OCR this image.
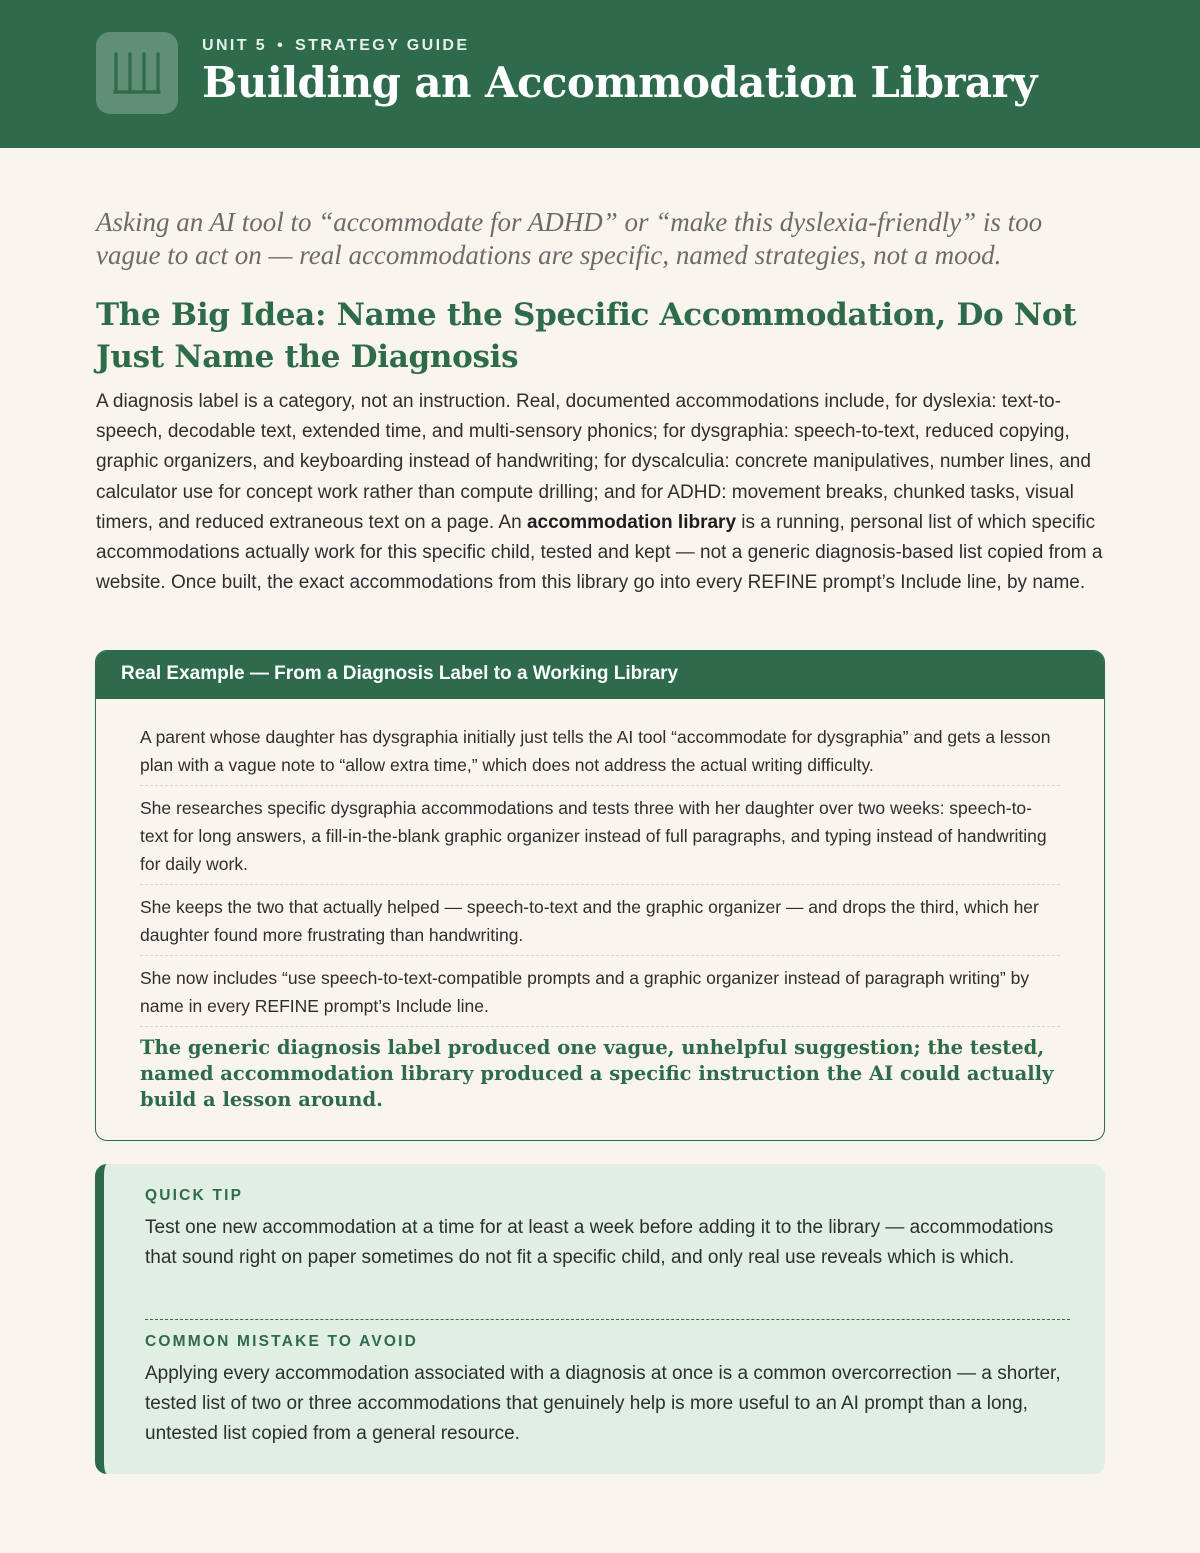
UNIT 5 • STRATEGY GUIDE
Building an Accommodation Library

Asking an AI tool to “accommodate for ADHD” or “make this dyslexia-friendly” is too vague to act on — real accommodations are specific, named strategies, not a mood.

The Big Idea: Name the Specific Accommodation, Do Not Just Name the Diagnosis

A diagnosis label is a category, not an instruction. Real, documented accommodations include, for dyslexia: text-to-speech, decodable text, extended time, and multi-sensory phonics; for dysgraphia: speech-to-text, reduced copying, graphic organizers, and keyboarding instead of handwriting; for dyscalculia: concrete manipulatives, number lines, and calculator use for concept work rather than compute drilling; and for ADHD: movement breaks, chunked tasks, visual timers, and reduced extraneous text on a page. An accommodation library is a running, personal list of which specific accommodations actually work for this specific child, tested and kept — not a generic diagnosis-based list copied from a website. Once built, the exact accommodations from this library go into every REFINE prompt’s Include line, by name.

Real Example — From a Diagnosis Label to a Working Library

A parent whose daughter has dysgraphia initially just tells the AI tool “accommodate for dysgraphia” and gets a lesson plan with a vague note to “allow extra time,” which does not address the actual writing difficulty.

She researches specific dysgraphia accommodations and tests three with her daughter over two weeks: speech-to-text for long answers, a fill-in-the-blank graphic organizer instead of full paragraphs, and typing instead of handwriting for daily work.

She keeps the two that actually helped — speech-to-text and the graphic organizer — and drops the third, which her daughter found more frustrating than handwriting.

She now includes “use speech-to-text-compatible prompts and a graphic organizer instead of paragraph writing” by name in every REFINE prompt’s Include line.

The generic diagnosis label produced one vague, unhelpful suggestion; the tested, named accommodation library produced a specific instruction the AI could actually build a lesson around.

QUICK TIP

Test one new accommodation at a time for at least a week before adding it to the library — accommodations that sound right on paper sometimes do not fit a specific child, and only real use reveals which is which.

COMMON MISTAKE TO AVOID

Applying every accommodation associated with a diagnosis at once is a common overcorrection — a shorter, tested list of two or three accommodations that genuinely help is more useful to an AI prompt than a long, untested list copied from a general resource.
